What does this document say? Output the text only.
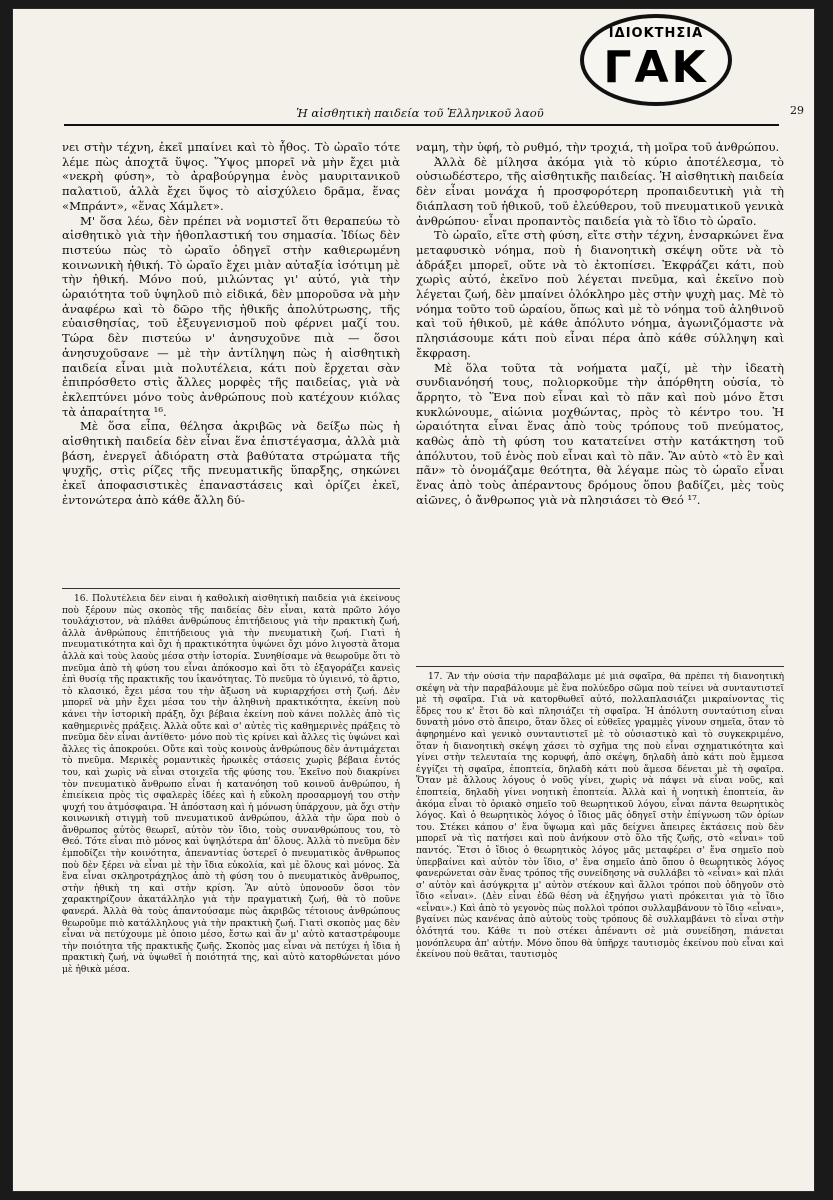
ΙΔΙΟΚΤΗΣΙΑ
ΓΑΚ
Ἡ αἰσθητικὴ παιδεία τοῦ Ἑλληνικοῦ λαοῦ	29

νει στὴν τέχνη, ἐκεῖ μπαίνει καὶ τὸ ἦθος. Τὸ ὡραῖο τότε λέμε πὼς ἀποχτᾶ ὕψος. Ὕψος μπορεῖ νὰ μὴν ἔχει μιὰ «νεκρὴ φύση», τὸ ἀραβούργημα ἑνὸς μαυριτανικοῦ παλατιοῦ, ἀλλὰ ἔχει ὕψος τὸ αἰσχύλειο δρᾶμα, ἕνας «Μπράντ», «ἕνας Χάμλετ».

Μ' ὅσα λέω, δὲν πρέπει νὰ νομιστεῖ ὅτι θεραπεύω τὸ αἰσθητικὸ γιὰ τὴν ἠθοπλαστική του σημασία. Ἰδίως δὲν πιστεύω πὼς τὸ ὡραῖο ὁδηγεῖ στὴν καθιερωμένη κοινωνικὴ ἠθική. Τὸ ὡραῖο ἔχει μιὰν αὐταξία ἰσότιμη μὲ τὴν ἠθική. Μόνο πού, μιλώντας γι' αὐτό, γιὰ τὴν ὡραιότητα τοῦ ὑψηλοῦ πιὸ εἰδικά, δὲν μποροῦσα νὰ μὴν ἀναφέρω καὶ τὸ δῶρο τῆς ἠθικῆς ἀπολύτρωσης, τῆς εὐαισθησίας, τοῦ ἐξευγενισμοῦ ποὺ φέρνει μαζί του. Τώρα δὲν πιστεύω ν' ἀνησυχοῦνε πιὰ — ὅσοι ἀνησυχοῦσανε — μὲ τὴν ἀντίληψη πὼς ἡ αἰσθητικὴ παιδεία εἶναι μιὰ πολυτέλεια, κάτι ποὺ ἔρχεται σὰν ἐπιπρόσθετο στὶς ἄλλες μορφὲς τῆς παιδείας, γιὰ νὰ ἐκλεπτύνει μόνο τοὺς ἀνθρώπους ποὺ κατέχουν κιόλας τὰ ἀπαραίτητα ¹⁶.

Μὲ ὅσα εἶπα, θέλησα ἀκριβῶς νὰ δείξω πὼς ἡ αἰσθητικὴ παιδεία δὲν εἶναι ἕνα ἐπιστέγασμα, ἀλλὰ μιὰ βάση, ἐνεργεῖ ἀδιόρατη στὰ βαθύτατα στρώματα τῆς ψυχῆς, στὶς ρίζες τῆς πνευματικῆς ὕπαρξης, σηκώνει ἐκεῖ ἀποφασιστικὲς ἐπαναστάσεις καὶ ὁρίζει ἐκεῖ, ἐντονώτερα ἀπὸ κάθε ἄλλη δύ-

ναμη, τὴν ὑφή, τὸ ρυθμό, τὴν τροχιά, τὴ μοῖρα τοῦ ἀνθρώπου.

Ἀλλὰ δὲ μίλησα ἀκόμα γιὰ τὸ κύριο ἀποτέλεσμα, τὸ οὐσιωδέστερο, τῆς αἰσθητικῆς παιδείας. Ἡ αἰσθητικὴ παιδεία δὲν εἶναι μονάχα ἡ προσφορότερη προπαιδευτικὴ γιὰ τὴ διάπλαση τοῦ ἠθικοῦ, τοῦ ἐλεύθερου, τοῦ πνευματικοῦ γενικὰ ἀνθρώπου· εἶναι προπαντὸς παιδεία γιὰ τὸ ἴδιο τὸ ὡραῖο.

Τὸ ὡραῖο, εἴτε στὴ φύση, εἴτε στὴν τέχνη, ἐνσαρκώνει ἕνα μεταφυσικὸ νόημα, ποὺ ἡ διανοητικὴ σκέψη οὔτε νὰ τὸ ἀδράξει μπορεῖ, οὔτε νὰ τὸ ἐκτοπίσει. Ἐκφράζει κάτι, ποὺ χωρὶς αὐτό, ἐκεῖνο ποὺ λέγεται πνεῦμα, καὶ ἐκεῖνο ποὺ λέγεται ζωή, δὲν μπαίνει ὁλόκληρο μὲς στὴν ψυχὴ μας. Μὲ τὸ νόημα τοῦτο τοῦ ὡραίου, ὅπως καὶ μὲ τὸ νόημα τοῦ ἀληθινοῦ καὶ τοῦ ἠθικοῦ, μὲ κάθε ἀπόλυτο νόημα, ἀγωνιζόμαστε νὰ πλησιάσουμε κάτι ποὺ εἶναι πέρα ἀπὸ κάθε σύλληψη καὶ ἔκφραση.

Μὲ ὅλα τοῦτα τὰ νοήματα μαζί, μὲ τὴν ἰδεατὴ συνδιανόησή τους, πολιορκοῦμε τὴν ἀπόρθητη οὐσία, τὸ ἄρρητο, τὸ Ἕνα ποὺ εἶναι καὶ τὸ πᾶν καὶ ποὺ μόνο ἔτσι κυκλώνουμε, αἰώνια μοχθώντας, πρὸς τὸ κέντρο του. Ἡ ὡραιότητα εἶναι ἕνας ἀπὸ τοὺς τρόπους τοῦ πνεύματος, καθὼς ἀπὸ τὴ φύση του κατατείνει στὴν κατάκτηση τοῦ ἀπόλυτου, τοῦ ἑνὸς ποὺ εἶναι καὶ τὸ πᾶν. Ἂν αὐτὸ «τὸ ἓν καὶ πᾶν» τὸ ὀνομάζαμε θεότητα, θὰ λέγαμε πὼς τὸ ὡραῖο εἶναι ἕνας ἀπὸ τοὺς ἀπέραντους δρόμους ὅπου βαδίζει, μὲς τοὺς αἰῶνες, ὁ ἄνθρωπος γιὰ νὰ πλησιάσει τὸ Θεό ¹⁷.

16. Πολυτέλεια δὲν εἶναι ἡ καθολικὴ αἰσθητικὴ παιδεία γιὰ ἐκείνους ποὺ ξέρουν πὼς σκοπὸς τῆς παιδείας δὲν εἶναι, κατὰ πρῶτο λόγο τουλάχιστον, νὰ πλάθει ἀνθρώπους ἐπιτήδειους γιὰ τὴν πρακτικὴ ζωή, ἀλλὰ ἀνθρώπους ἐπιτήδειους γιὰ τὴν πνευματικὴ ζωή. Γιατὶ ἡ πνευματικότητα καὶ ὄχι ἡ πρακτικότητα ὑψώνει ὄχι μόνο λιγοστὰ ἄτομα ἀλλὰ καὶ τοὺς λαοὺς μέσα στὴν ἱστορία. Συνηθίσαμε νὰ θεωροῦμε ὅτι τὸ πνεῦμα ἀπὸ τὴ φύση του εἶναι ἀπόκοσμο καὶ ὅτι τὸ ἐξαγοράζει κανεὶς ἐπὶ θυσίᾳ τῆς πρακτικῆς του ἱκανότητας. Τὸ πνεῦμα τὸ ὑγιεινό, τὸ ἄρτιο, τὸ κλασικό, ἔχει μέσα του τὴν ἄξωση νὰ κυριαρχήσει στὴ ζωή. Δὲν μπορεῖ νὰ μὴν ἔχει μέσα του τὴν ἀληθινὴ πρακτικότητα, ἐκείνη ποὺ κάνει τὴν ἱστορικὴ πράξη, ὄχι βέβαια ἐκείνη ποὺ κάνει πολλὲς ἀπὸ τὶς καθημερινὲς πράξεις. Ἀλλὰ οὔτε καὶ σ' αὐτὲς τὶς καθημερινὲς πράξεις τὸ πνεῦμα δὲν εἶναι ἀντίθετο· μόνο ποὺ τὶς κρίνει καὶ ἄλλες τὶς ὑψώνει καὶ ἄλλες τὶς ἀποκρούει. Οὔτε καὶ τοὺς κοινοὺς ἀνθρώπους δὲν ἀντιμάχεται τὸ πνεῦμα. Μερικὲς ρομαντικὲς ἡρωικὲς στάσεις χωρὶς βέβαια ἐντός του, καὶ χωρὶς νὰ εἶναι στοιχεῖα τῆς φύσης του. Ἐκεῖνο ποὺ διακρίνει τὸν πνευματικὸ ἄνθρωπο εἶναι ἡ κατανόηση τοῦ κοινοῦ ἀνθρώπου, ἡ ἐπιείκεια πρὸς τὶς σφαλερὲς ἰδέες καὶ ἡ εὔκολη προσαρμογή του στὴν ψυχή του ἀτμόσφαιρα. Ἡ ἀπόσταση καὶ ἡ μόνωση ὑπάρχουν, μὰ ὄχι στὴν κοινωνικὴ στιγμὴ τοῦ πνευματικοῦ ἀνθρώπου, ἀλλὰ τὴν ὥρα ποὺ ὁ ἄνθρωπος αὐτὸς θεωρεῖ, αὐτὸν τὸν ἴδιο, τοὺς συνανθρώπους του, τὸ Θεό. Τότε εἶναι πιὸ μόνος καὶ ὑψηλότερα ἀπ' ὅλους. Ἀλλὰ τὸ πνεῦμα δὲν ἐμποδίζει τὴν κοινότητα, ἀπεναντίας ὑστερεῖ ὁ πνευματικὸς ἄνθρωπος ποὺ δὲν ξέρει νὰ εἶναι μὲ τὴν ἴδια εὐκολία, καὶ μὲ ὅλους καὶ μόνος. Σὰ ἕνα εἶναι σκληροτράχηλος ἀπὸ τὴ φύση του ὁ πνευματικὸς ἄνθρωπος, στὴν ἠθικὴ τη καὶ στὴν κρίση. Ἂν αὐτὸ ὑπονοοῦν ὅσοι τὸν χαρακτηρίζουν ἀκατάλληλο γιὰ τὴν πραγματικὴ ζωή, θὰ τὸ ποῦνε φανερά. Ἀλλὰ θὰ τοὺς ἀπαντούσαμε πὼς ἀκριβῶς τέτοιους ἀνθρώπους θεωροῦμε πιὸ κατάλληλους γιὰ τὴν πρακτικὴ ζωή. Γιατὶ σκοπὸς μας δὲν εἶναι νὰ πετύχουμε μὲ ὁποιο μέσο, ἔστω καὶ ἂν μ' αὐτὸ καταστρέφουμε τὴν ποιότητα τῆς πρακτικῆς ζωῆς. Σκοπὸς μας εἶναι νὰ πετύχει ἡ ἴδια ἡ πρακτικὴ ζωή, νὰ ὑψωθεῖ ἡ ποιότητά της, καὶ αὐτὸ κατορθώνεται μόνο μὲ ἠθικὰ μέσα.

17. Ἂν τὴν οὐσία τὴν παραβάλαμε μὲ μιὰ σφαῖρα, θὰ πρέπει τὴ διανοητικὴ σκέψη νὰ τὴν παραβάλουμε μὲ ἕνα πολύεδρο σῶμα ποὺ τείνει νὰ συνταυτιστεῖ μὲ τὴ σφαῖρα. Γιὰ νὰ κατορθωθεῖ αὐτό, πολλαπλασιάζει μικραίνοντας τὶς ἕδρες του κ' ἔτσι δὸ καὶ πλησιάζει τὴ σφαῖρα. Ἡ ἀπόλυτη συνταύτιση εἶναι δυνατὴ μόνο στὸ ἄπειρο, ὅταν ὅλες οἱ εὐθεῖες γραμμὲς γίνουν σημεῖα, ὅταν τὸ ἀφηρημένο καὶ γενικὸ συνταυτιστεῖ μὲ τὸ οὐσιαστικὸ καὶ τὸ συγκεκριμένο, ὅταν ἡ διανοητικὴ σκέψη χάσει τὸ σχῆμα της ποὺ εἶναι σχηματικότητα καὶ γίνει στὴν τελευταία της κορυφή, ἀπὸ σκέψη, δηλαδὴ ἀπὸ κάτι ποὺ ἔμμεσα ἐγγίζει τὴ σφαῖρα, ἐποπτεία, δηλαδὴ κάτι ποὺ ἄμεσα δένεται μὲ τὴ σφαῖρα. Ὅταν μὲ ἄλλους λόγους ὁ νοῦς γίνει, χωρὶς νὰ πάψει νὰ εἶναι νοῦς, καὶ ἐποπτεία, δηλαδὴ γίνει νοητικὴ ἐποπτεία. Ἀλλὰ καὶ ἡ νοητικὴ ἐποπτεία, ἂν ἀκόμα εἶναι τὸ ὁριακὸ σημεῖο τοῦ θεωρητικοῦ λόγου, εἶναι πάντα θεωρητικὸς λόγος. Καὶ ὁ θεωρητικὸς λόγος ὁ ἴδιος μᾶς ὁδηγεῖ στὴν ἐπίγνωση τῶν ὁρίων του. Στέκει κάπου σ' ἕνα ὕψωμα καὶ μᾶς δείχνει ἄπειρες ἐκτάσεις ποὺ δὲν μπορεῖ νὰ τὶς πατήσει καὶ ποὺ ἀνήκουν στὸ ὅλο τῆς ζωῆς, στὸ «εἶναι» τοῦ παντός. Ἔτσι ὁ ἴδιος ὁ θεωρητικὸς λόγος μᾶς μεταφέρει σ' ἕνα σημεῖο ποὺ ὑπερβαίνει καὶ αὐτὸν τὸν ἴδιο, σ' ἕνα σημεῖο ἀπὸ ὅπου ὁ θεωρητικὸς λόγος φανερώνεται σὰν ἕνας τρόπος τῆς συνείδησης νὰ συλλάβει τὸ «εἶναι» καὶ πλάι σ' αὐτὸν καὶ ἀσύγκριτα μ' αὐτὸν στέκουν καὶ ἄλλοι τρόποι ποὺ ὁδηγοῦν στὸ ἴδιο «εἶναι». (Δὲν εἶναι ἐδῶ θέση νὰ ἐξηγήσω γιατὶ πρόκειται γιὰ τὸ ἴδιο «εἶναι».) Καὶ ἀπὸ τὸ γεγονὸς πὼς πολλοὶ τρόποι συλλαμβάνουν τὸ ἴδιο «εἶναι», βγαίνει πὼς κανένας ἀπὸ αὐτοὺς τοὺς τρόπους δὲ συλλαμβάνει τὸ εἶναι στὴν ὁλότητά του. Κάθε τι ποὺ στέκει ἀπέναντι σὲ μιὰ συνείδηση, πιάνεται μονόπλευρα ἀπ' αὐτήν. Μόνο ὅπου θὰ ὑπῆρχε ταυτισμὸς ἐκείνου ποὺ εἶναι καὶ ἐκείνου ποὺ θεᾶται, ταυτισμὸς
